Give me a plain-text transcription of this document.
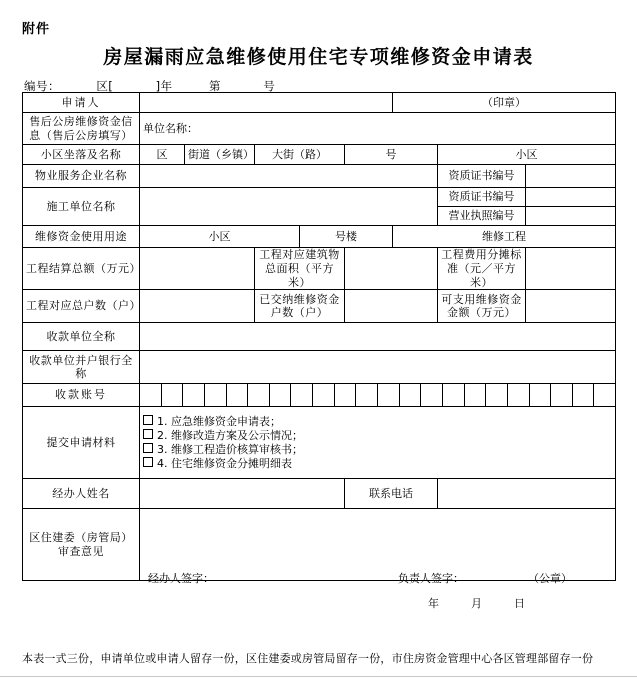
附件
房屋漏雨应急维修使用住宅专项维修资金申请表
编号：	区[	]年	第	号
申请人						（印章）		
售后公房维修资金信息（售后公房填写）	单位名称：							
小区坐落及名称	区	街道（乡镇）	大街（路）		号		小区	
物业服务企业名称							资质证书编号	
施工单位名称							资质证书编号	
							营业执照编号	
维修资金使用用途	小区			号楼		维修工程		
工程结算总额（万元）			工程对应建筑物总面积（平方米）				工程费用分摊标准（元／平方米）	
工程对应总户数（户）			已交纳维修资金户数（户）				可支用维修资金金额（万元）	
收款单位全称								
收款单位并户银行全称								
收款账号								

提交申请材料	1. 应急维修资金申请表；
2. 维修改造方案及公示情况；
3. 维修工程造价核算审核书；
4. 住宅维修资金分摊明细表							

经办人姓名					联系电话			
区住建委（房管局）审查意见	经办人签字： 负责人签字： （公章）
年 月 日							
本表一式三份，申请单位或申请人留存一份，区住建委或房管局留存一份，市住房资金管理中心各区管理部留存一份
